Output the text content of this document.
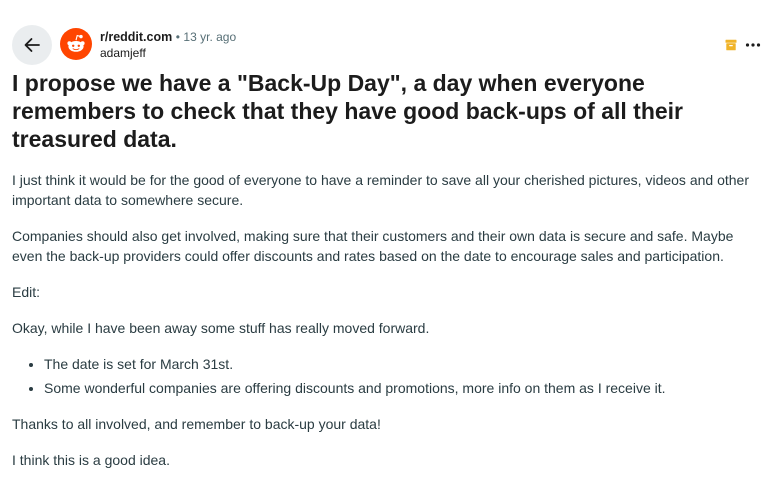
r/reddit.com • 13 yr. ago
adamjeff
I propose we have a "Back-Up Day", a day when everyone remembers to check that they have good back-ups of all their treasured data.

I just think it would be for the good of everyone to have a reminder to save all your cherished pictures, videos and other important data to somewhere secure.

Companies should also get involved, making sure that their customers and their own data is secure and safe. Maybe even the back-up providers could offer discounts and rates based on the date to encourage sales and participation.

Edit:

Okay, while I have been away some stuff has really moved forward.

• The date is set for March 31st.
• Some wonderful companies are offering discounts and promotions, more info on them as I receive it.

Thanks to all involved, and remember to back-up your data!

I think this is a good idea.
